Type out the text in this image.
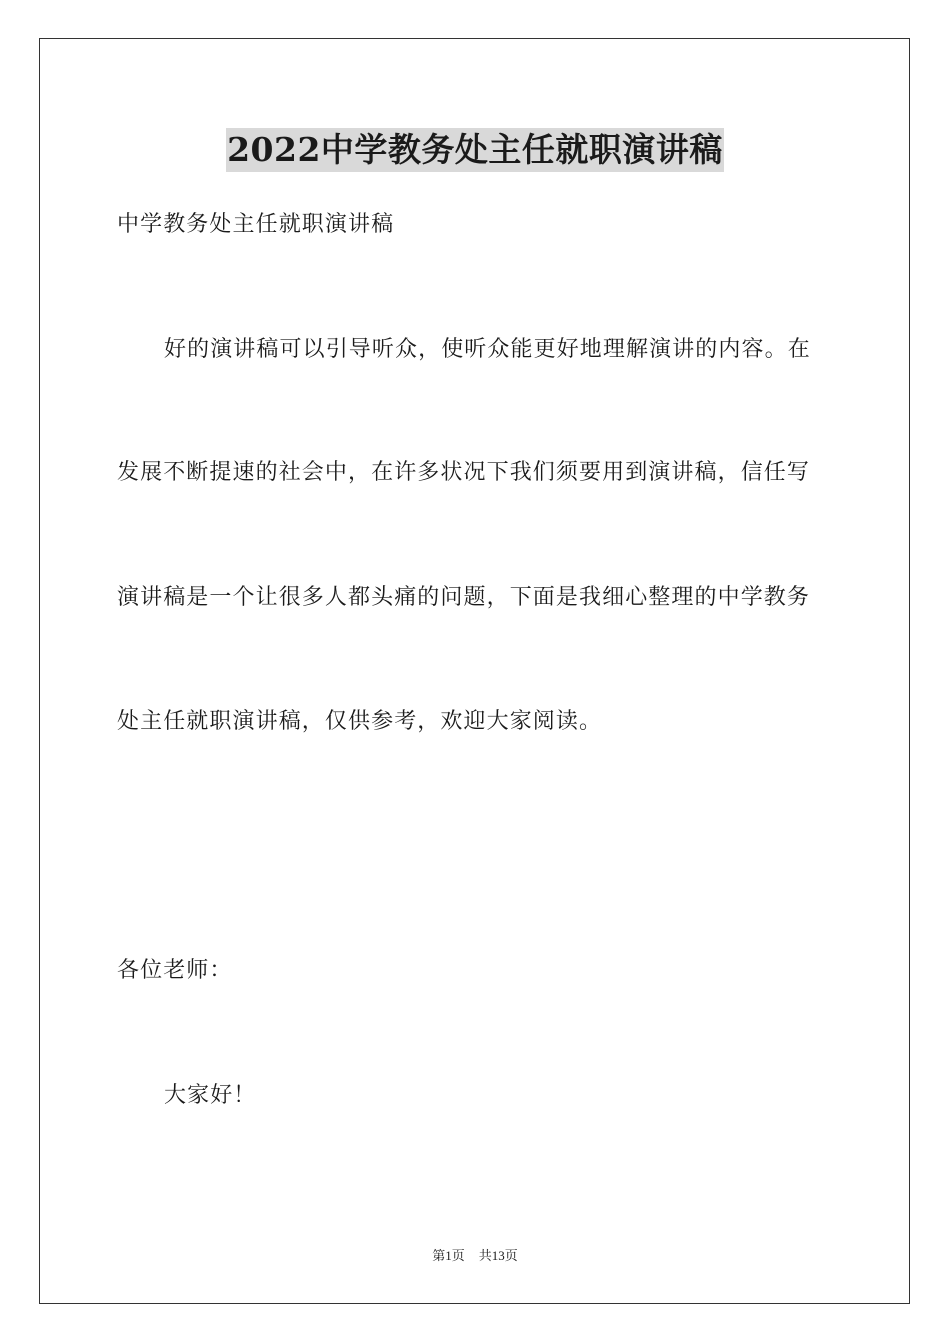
2022中学教务处主任就职演讲稿
中学教务处主任就职演讲稿
好的演讲稿可以引导听众，使听众能更好地理解演讲的内容。在
发展不断提速的社会中，在许多状况下我们须要用到演讲稿，信任写
演讲稿是一个让很多人都头痛的问题，下面是我细心整理的中学教务
处主任就职演讲稿，仅供参考，欢迎大家阅读。
各位老师：
大家好！
第1页 共13页
